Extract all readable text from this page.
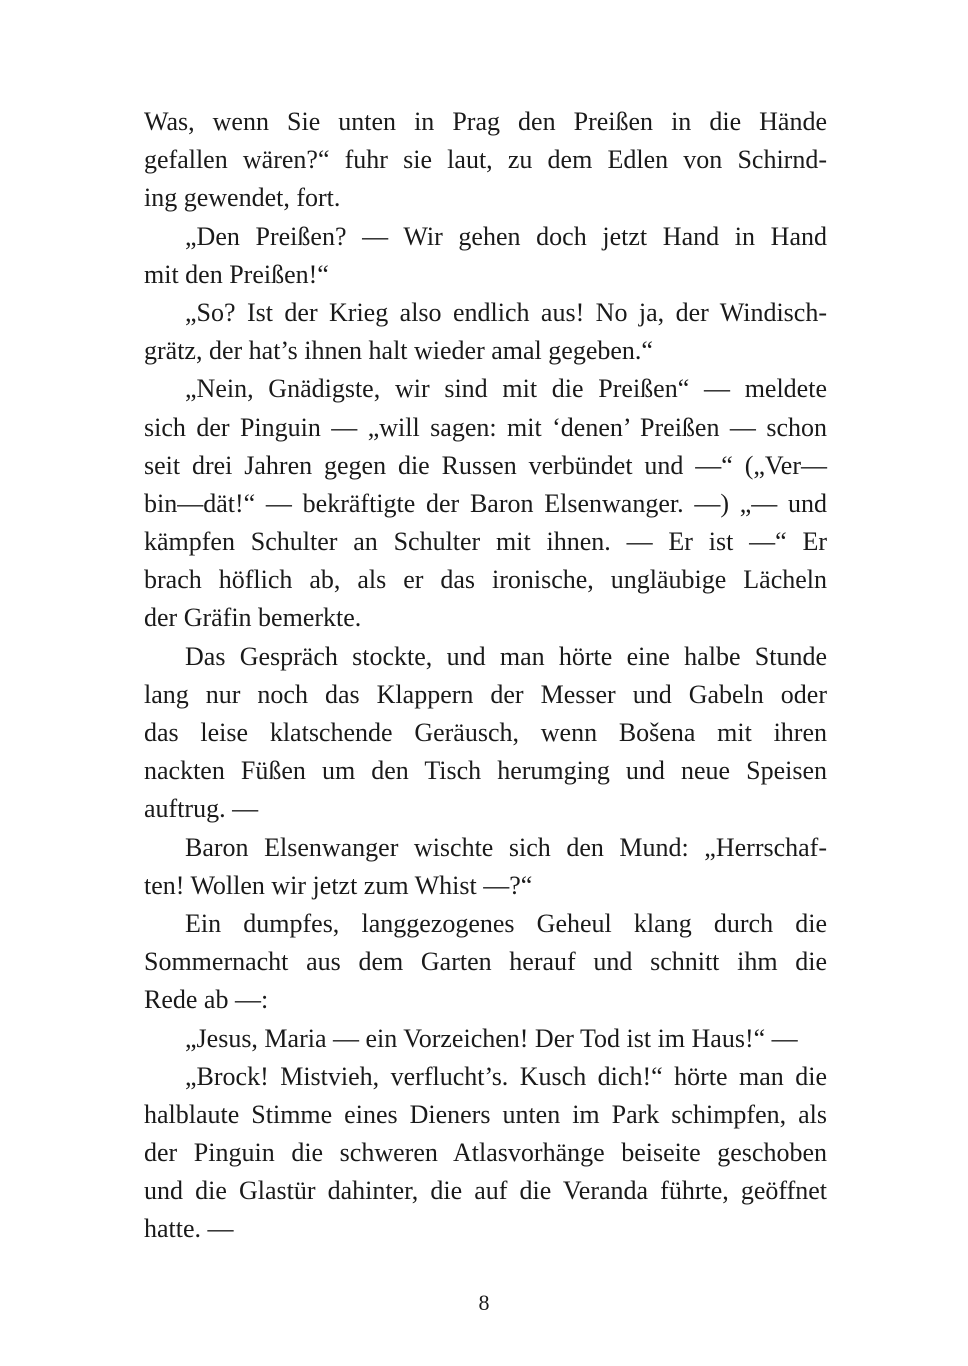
Was, wenn Sie unten in Prag den Preißen in die Hände
gefallen wären?“ fuhr sie laut, zu dem Edlen von Schirnd-
ing gewendet, fort.
„Den Preißen? — Wir gehen doch jetzt Hand in Hand
mit den Preißen!“
„So? Ist der Krieg also endlich aus! No ja, der Windisch-
grätz, der hat’s ihnen halt wieder amal gegeben.“
„Nein, Gnädigste, wir sind mit die Preißen“ — meldete
sich der Pinguin — „will sagen: mit ‘denen’ Preißen — schon
seit drei Jahren gegen die Russen verbündet und —“ („Ver—
bin—dät!“ — bekräftigte der Baron Elsenwanger. —) „— und
kämpfen Schulter an Schulter mit ihnen. — Er ist —“ Er
brach höflich ab, als er das ironische, ungläubige Lächeln
der Gräfin bemerkte.
Das Gespräch stockte, und man hörte eine halbe Stunde
lang nur noch das Klappern der Messer und Gabeln oder
das leise klatschende Geräusch, wenn Bošena mit ihren
nackten Füßen um den Tisch herumging und neue Speisen
auftrug. —
Baron Elsenwanger wischte sich den Mund: „Herrschaf-
ten! Wollen wir jetzt zum Whist —?“
Ein dumpfes, langgezogenes Geheul klang durch die
Sommernacht aus dem Garten herauf und schnitt ihm die
Rede ab —:
„Jesus, Maria — ein Vorzeichen! Der Tod ist im Haus!“ —
„Brock! Mistvieh, verflucht’s. Kusch dich!“ hörte man die
halblaute Stimme eines Dieners unten im Park schimpfen, als
der Pinguin die schweren Atlasvorhänge beiseite geschoben
und die Glastür dahinter, die auf die Veranda führte, geöffnet
hatte. —
8
